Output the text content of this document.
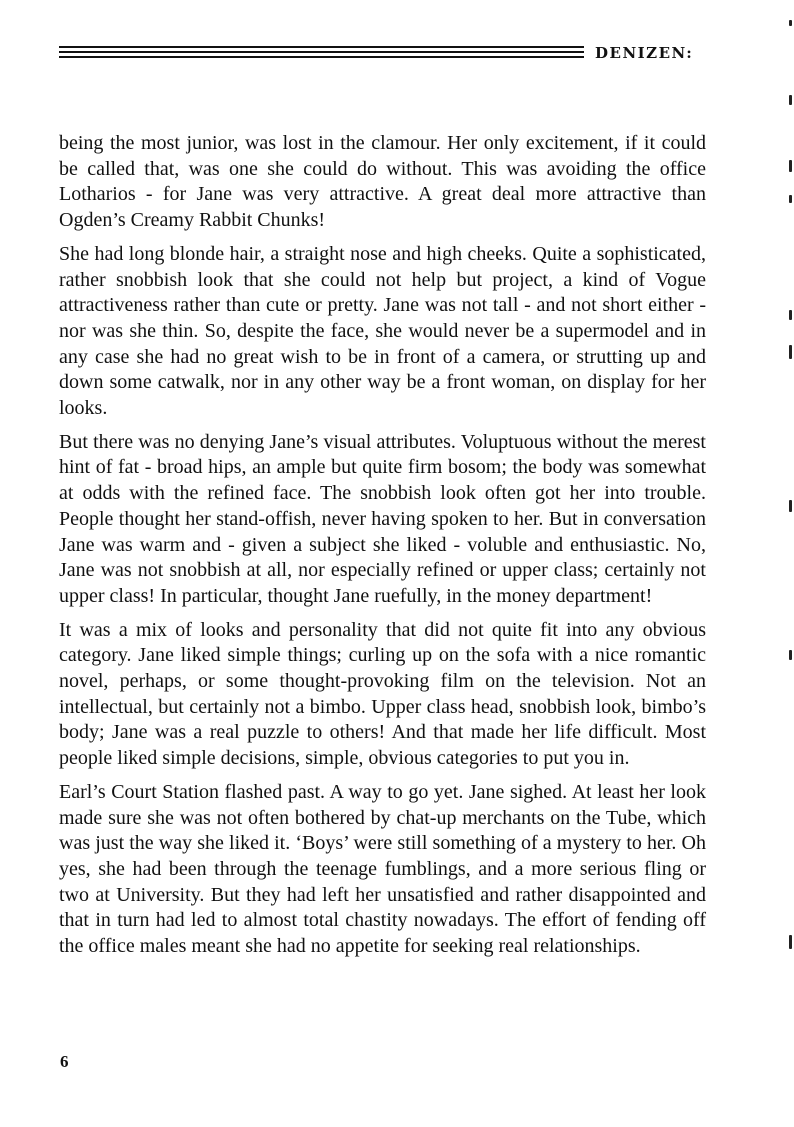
DENIZEN:

being the most junior, was lost in the clamour. Her only excitement, if it could be called that, was one she could do without. This was avoiding the office Lotharios - for Jane was very attractive. A great deal more attractive than Ogden’s Creamy Rabbit Chunks!

She had long blonde hair, a straight nose and high cheeks. Quite a sophisticated, rather snobbish look that she could not help but project, a kind of Vogue attractiveness rather than cute or pretty. Jane was not tall - and not short either - nor was she thin. So, despite the face, she would never be a supermodel and in any case she had no great wish to be in front of a camera, or strutting up and down some catwalk, nor in any other way be a front woman, on display for her looks.

But there was no denying Jane’s visual attributes. Voluptuous without the merest hint of fat - broad hips, an ample but quite firm bosom; the body was somewhat at odds with the refined face. The snobbish look often got her into trouble. People thought her stand-offish, never having spoken to her. But in conversation Jane was warm and - given a subject she liked - voluble and enthusiastic. No, Jane was not snobbish at all, nor especially refined or upper class; certainly not upper class! In particular, thought Jane ruefully, in the money department!

It was a mix of looks and personality that did not quite fit into any obvious category. Jane liked simple things; curling up on the sofa with a nice romantic novel, perhaps, or some thought-provoking film on the television. Not an intellectual, but certainly not a bimbo. Upper class head, snobbish look, bimbo’s body; Jane was a real puzzle to others! And that made her life difficult. Most people liked simple decisions, simple, obvious categories to put you in.

Earl’s Court Station flashed past. A way to go yet. Jane sighed. At least her look made sure she was not often bothered by chat-up merchants on the Tube, which was just the way she liked it. ‘Boys’ were still something of a mystery to her. Oh yes, she had been through the teenage fumblings, and a more serious fling or two at University. But they had left her unsatisfied and rather disappointed and that in turn had led to almost total chastity nowadays. The effort of fending off the office males meant she had no appetite for seeking real relationships.

6
